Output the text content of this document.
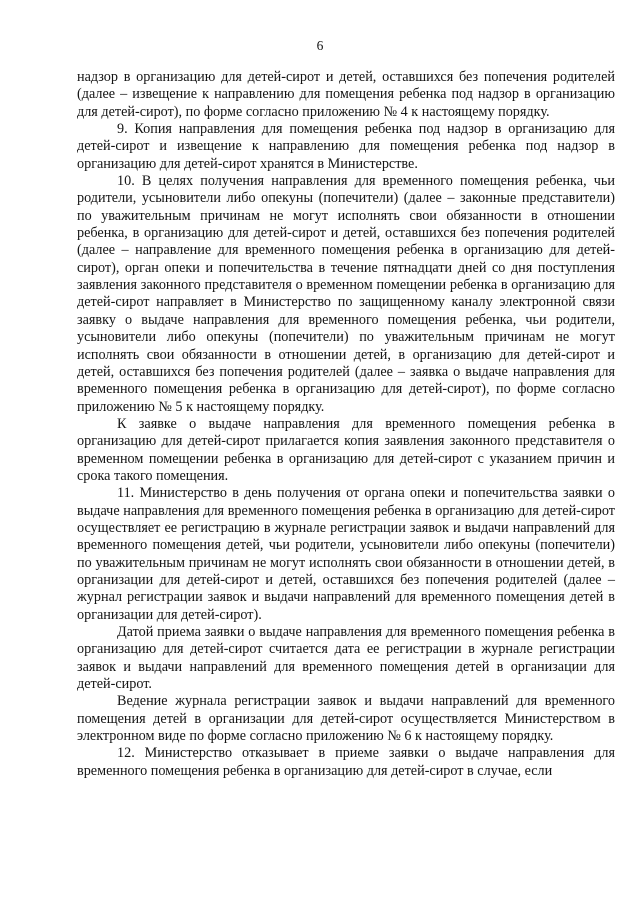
6

надзор в организацию для детей-сирот и детей, оставшихся без попечения родителей (далее – извещение к направлению для помещения ребенка под надзор в организацию для детей-сирот), по форме согласно приложению № 4 к настоящему порядку.

9. Копия направления для помещения ребенка под надзор в организацию для детей-сирот и извещение к направлению для помещения ребенка под надзор в организацию для детей-сирот хранятся в Министерстве.

10. В целях получения направления для временного помещения ребенка, чьи родители, усыновители либо опекуны (попечители) (далее – законные представители) по уважительным причинам не могут исполнять свои обязанности в отношении ребенка, в организацию для детей-сирот и детей, оставшихся без попечения родителей (далее – направление для временного помещения ребенка в организацию для детей-сирот), орган опеки и попечительства в течение пятнадцати дней со дня поступления заявления законного представителя о временном помещении ребенка в организацию для детей-сирот направляет в Министерство по защищенному каналу электронной связи заявку о выдаче направления для временного помещения ребенка, чьи родители, усыновители либо опекуны (попечители) по уважительным причинам не могут исполнять свои обязанности в отношении детей, в организацию для детей-сирот и детей, оставшихся без попечения родителей (далее – заявка о выдаче направления для временного помещения ребенка в организацию для детей-сирот), по форме согласно приложению № 5 к настоящему порядку.

К заявке о выдаче направления для временного помещения ребенка в организацию для детей-сирот прилагается копия заявления законного представителя о временном помещении ребенка в организацию для детей-сирот с указанием причин и срока такого помещения.

11. Министерство в день получения от органа опеки и попечительства заявки о выдаче направления для временного помещения ребенка в организацию для детей-сирот осуществляет ее регистрацию в журнале регистрации заявок и выдачи направлений для временного помещения детей, чьи родители, усыновители либо опекуны (попечители) по уважительным причинам не могут исполнять свои обязанности в отношении детей, в организации для детей-сирот и детей, оставшихся без попечения родителей (далее – журнал регистрации заявок и выдачи направлений для временного помещения детей в организации для детей-сирот).

Датой приема заявки о выдаче направления для временного помещения ребенка в организацию для детей-сирот считается дата ее регистрации в журнале регистрации заявок и выдачи направлений для временного помещения детей в организации для детей-сирот.

Ведение журнала регистрации заявок и выдачи направлений для временного помещения детей в организации для детей-сирот осуществляется Министерством в электронном виде по форме согласно приложению № 6 к настоящему порядку.

12. Министерство отказывает в приеме заявки о выдаче направления для временного помещения ребенка в организацию для детей-сирот в случае, если
